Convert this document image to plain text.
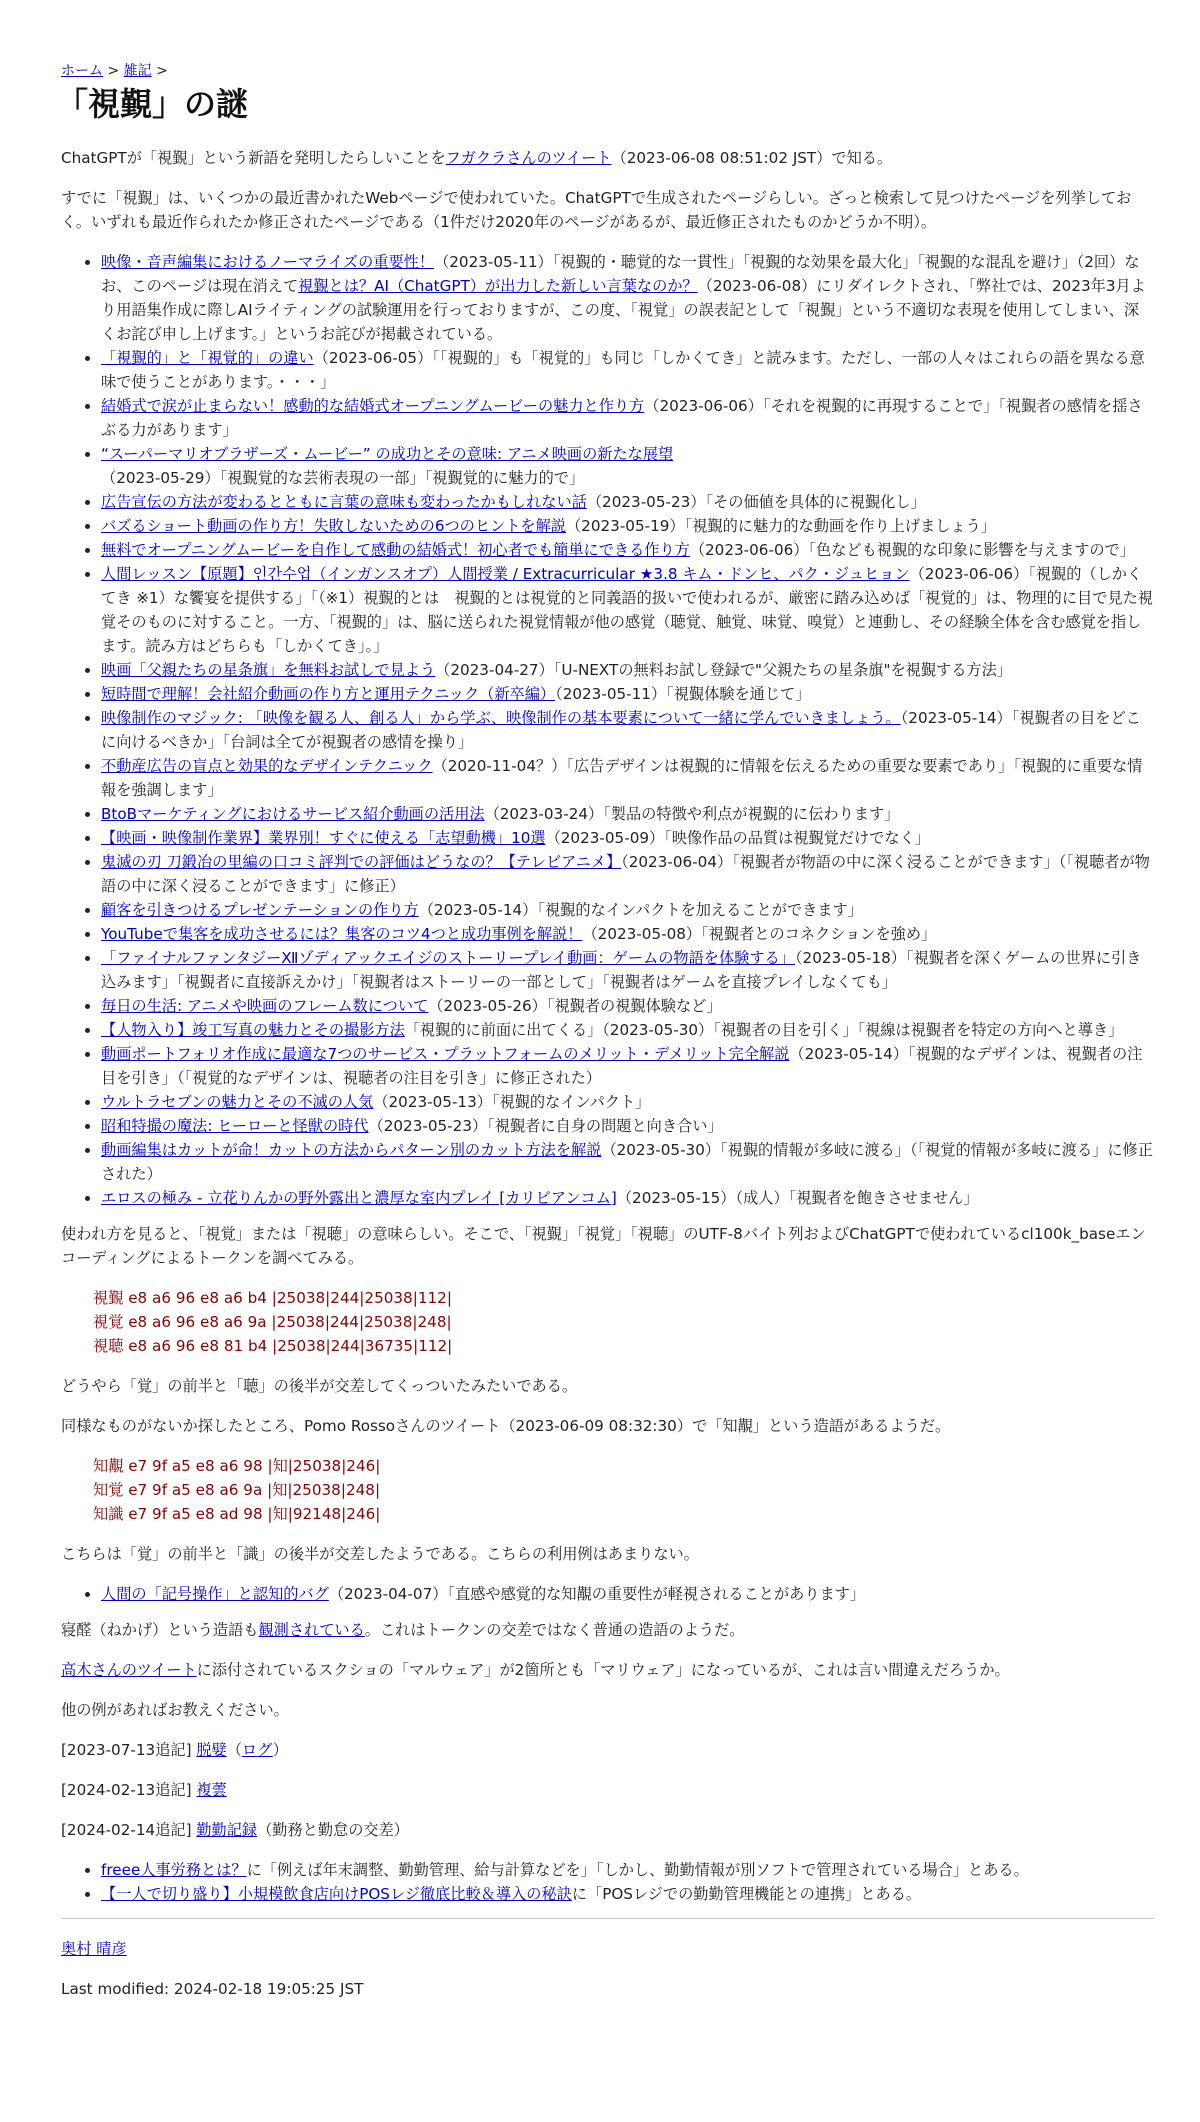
ホーム > 雑記 >
「視覲」の謎

ChatGPTが「視覲」という新語を発明したらしいことをフガクラさんのツイート（2023-06-08 08:51:02 JST）で知る。

すでに「視覲」は、いくつかの最近書かれたWebページで使われていた。ChatGPTで生成されたページらしい。ざっと検索して見つけたページを列挙しておく。いずれも最近作られたか修正されたページである（1件だけ2020年のページがあるが、最近修正されたものかどうか不明）。

• 映像・音声編集におけるノーマライズの重要性！（2023-05-11）「視覲的・聴覚的な一貫性」「視覲的な効果を最大化」「視覲的な混乱を避け」（2回）なお、このページは現在消えて視覲とは？AI（ChatGPT）が出力した新しい言葉なのか？（2023-06-08）にリダイレクトされ、「弊社では、2023年3月より用語集作成に際しAIライティングの試験運用を行っておりますが、この度、「視覚」の誤表記として「視覲」という不適切な表現を使用してしまい、深くお詫び申し上げます。」というお詫びが掲載されている。
• 「視覲的」と「視覚的」の違い（2023-06-05）「「視覲的」も「視覚的」も同じ「しかくてき」と読みます。ただし、一部の人々はこれらの語を異なる意味で使うことがあります。・・・」
• 結婚式で涙が止まらない！感動的な結婚式オープニングムービーの魅力と作り方（2023-06-06）「それを視覲的に再現することで」「視覲者の感情を揺さぶる力があります」
• “スーパーマリオブラザーズ・ムービー” の成功とその意味: アニメ映画の新たな展望（2023-05-29）「視覲覚的な芸術表現の一部」「視覲覚的に魅力的で」
• 広告宣伝の方法が変わるとともに言葉の意味も変わったかもしれない話（2023-05-23）「その価値を具体的に視覲化し」
• バズるショート動画の作り方！失敗しないための6つのヒントを解説（2023-05-19）「視覲的に魅力的な動画を作り上げましょう」
• 無料でオープニングムービーを自作して感動の結婚式！初心者でも簡単にできる作り方（2023-06-06）「色なども視覲的な印象に影響を与えますので」
• 人間レッスン【原題】인간수업（インガンスオプ）人間授業 / Extracurricular ★3.8 キム・ドンヒ、パク・ジュヒョン（2023-06-06）「視覲的（しかくてき ※1）な饗宴を提供する」「（※1）視覲的とは　視覲的とは視覚的と同義語的扱いで使われるが、厳密に踏み込めば「視覚的」は、物理的に目で見た視覚そのものに対すること。一方、「視覲的」は、脳に送られた視覚情報が他の感覚（聴覚、触覚、味覚、嗅覚）と連動し、その経験全体を含む感覚を指します。読み方はどちらも「しかくてき」。」
• 映画「父親たちの星条旗」を無料お試しで見よう（2023-04-27）「U-NEXTの無料お試し登録で"父親たちの星条旗"を視覲する方法」
• 短時間で理解！会社紹介動画の作り方と運用テクニック（新卒編）（2023-05-11）「視覲体験を通じて」
• 映像制作のマジック: 「映像を観る人、創る人」から学ぶ、映像制作の基本要素について一緒に学んでいきましょう。（2023-05-14）「視覲者の目をどこに向けるべきか」「台詞は全てが視覲者の感情を操り」
• 不動産広告の盲点と効果的なデザインテクニック（2020-11-04？）「広告デザインは視覲的に情報を伝えるための重要な要素であり」「視覲的に重要な情報を強調します」
• BtoBマーケティングにおけるサービス紹介動画の活用法（2023-03-24）「製品の特徴や利点が視覲的に伝わります」
• 【映画・映像制作業界】業界別！すぐに使える「志望動機」10選（2023-05-09）「映像作品の品質は視覲覚だけでなく」
• 鬼滅の刃 刀鍛冶の里編の口コミ評判での評価はどうなの？【テレビアニメ】（2023-06-04）「視覲者が物語の中に深く浸ることができます」（「視聴者が物語の中に深く浸ることができます」に修正）
• 顧客を引きつけるプレゼンテーションの作り方（2023-05-14）「視覲的なインパクトを加えることができます」
• YouTubeで集客を成功させるには？集客のコツ4つと成功事例を解説！（2023-05-08）「視覲者とのコネクションを強め」
• 「ファイナルファンタジーⅫゾディアックエイジのストーリープレイ動画：ゲームの物語を体験する」（2023-05-18）「視覲者を深くゲームの世界に引き込みます」「視覲者に直接訴えかけ」「視覲者はストーリーの一部として」「視覲者はゲームを直接プレイしなくても」
• 毎日の生活: アニメや映画のフレーム数について（2023-05-26）「視覲者の視覲体験など」
• 【人物入り】竣工写真の魅力とその撮影方法「視覲的に前面に出てくる」（2023-05-30）「視覲者の目を引く」「視線は視覲者を特定の方向へと導き」
• 動画ポートフォリオ作成に最適な7つのサービス・プラットフォームのメリット・デメリット完全解説（2023-05-14）「視覲的なデザインは、視覲者の注目を引き」（「視覚的なデザインは、視聴者の注目を引き」に修正された）
• ウルトラセブンの魅力とその不滅の人気（2023-05-13）「視覲的なインパクト」
• 昭和特撮の魔法: ヒーローと怪獣の時代（2023-05-23）「視覲者に自身の問題と向き合い」
• 動画編集はカットが命！カットの方法からパターン別のカット方法を解説（2023-05-30）「視覲的情報が多岐に渡る」（「視覚的情報が多岐に渡る」に修正された）
• エロスの極み - 立花りんかの野外露出と濃厚な室内プレイ [カリビアンコム]（2023-05-15）（成人）「視覲者を飽きさせません」

使われ方を見ると、「視覚」または「視聴」の意味らしい。そこで、「視覲」「視覚」「視聴」のUTF-8バイト列およびChatGPTで使われているcl100k_baseエンコーディングによるトークンを調べてみる。

視覲 e8 a6 96 e8 a6 b4 |25038|244|25038|112|
視覚 e8 a6 96 e8 a6 9a |25038|244|25038|248|
視聴 e8 a6 96 e8 81 b4 |25038|244|36735|112|

どうやら「覚」の前半と「聴」の後半が交差してくっついたみたいである。

同様なものがないか探したところ、Pomo Rossoさんのツイート（2023-06-09 08:32:30）で「知覯」という造語があるようだ。

知覯 e7 9f a5 e8 a6 98 |知|25038|246|
知覚 e7 9f a5 e8 a6 9a |知|25038|248|
知識 e7 9f a5 e8 ad 98 |知|92148|246|

こちらは「覚」の前半と「識」の後半が交差したようである。こちらの利用例はあまりない。

• 人間の「記号操作」と認知的バグ（2023-04-07）「直感や感覚的な知覯の重要性が軽視されることがあります」

寝醛（ねかげ）という造語も観測されている。これはトークンの交差ではなく普通の造語のようだ。

高木さんのツイートに添付されているスクショの「マルウェア」が2箇所とも「マリウェア」になっているが、これは言い間違えだろうか。

他の例があればお教えください。

[2023-07-13追記] 脱嬖（ログ）

[2024-02-13追記] 複蕓

[2024-02-14追記] 勤勤記録（勤務と勤怠の交差）

• freee人事労務とは？に「例えば年末調整、勤勤管理、給与計算などを」「しかし、勤勤情報が別ソフトで管理されている場合」とある。
• 【一人で切り盛り】小規模飲食店向けPOSレジ徹底比較＆導入の秘訣に「POSレジでの勤勤管理機能との連携」とある。

奥村 晴彦

Last modified: 2024-02-18 19:05:25 JST
